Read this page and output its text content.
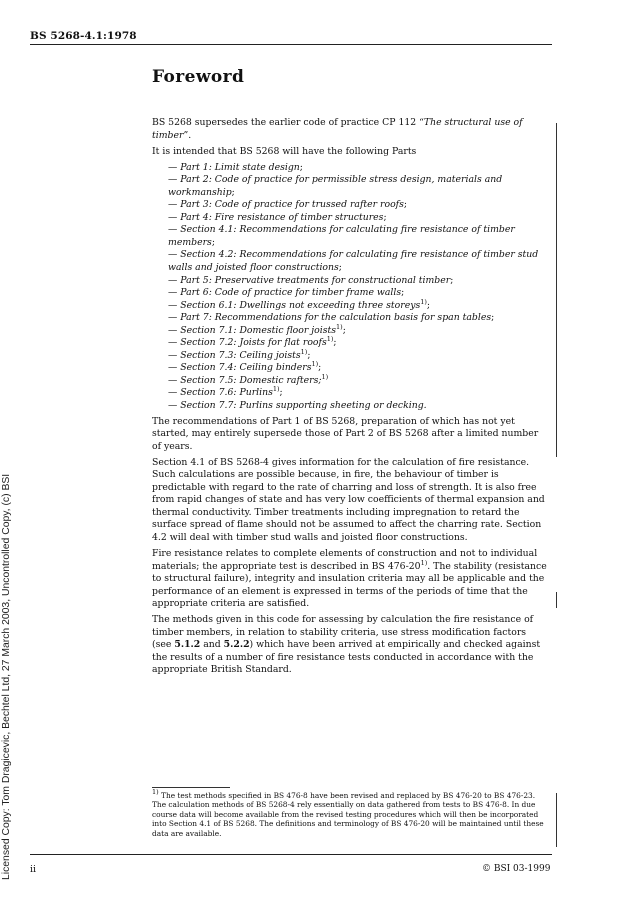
BS 5268-4.1:1978
Licensed Copy: Tom Dragicevic, Bechtel Ltd, 27 March 2003, Uncontrolled Copy, (c) BSI
Foreword

BS 5268 supersedes the earlier code of practice CP 112 “The structural use of timber”.

It is intended that BS 5268 will have the following Parts

— Part 1: Limit state design;
— Part 2: Code of practice for permissible stress design, materials and workmanship;
— Part 3: Code of practice for trussed rafter roofs;
— Part 4: Fire resistance of timber structures;
— Section 4.1: Recommendations for calculating fire resistance of timber members;
— Section 4.2: Recommendations for calculating fire resistance of timber stud walls and joisted floor constructions;
— Part 5: Preservative treatments for constructional timber;
— Part 6: Code of practice for timber frame walls;
— Section 6.1: Dwellings not exceeding three storeys$^{1)}$;
— Part 7: Recommendations for the calculation basis for span tables;
— Section 7.1: Domestic floor joists$^{1)}$;
— Section 7.2: Joists for flat roofs$^{1)}$;
— Section 7.3: Ceiling joists$^{1)}$;
— Section 7.4: Ceiling binders$^{1)}$;
— Section 7.5: Domestic rafters;$^{1)}$
— Section 7.6: Purlins$^{1)}$;
— Section 7.7: Purlins supporting sheeting or decking.

The recommendations of Part 1 of BS 5268, preparation of which has not yet started, may entirely supersede those of Part 2 of BS 5268 after a limited number of years.

Section 4.1 of BS 5268-4 gives information for the calculation of fire resistance. Such calculations are possible because, in fire, the behaviour of timber is predictable with regard to the rate of charring and loss of strength. It is also free from rapid changes of state and has very low coefficients of thermal expansion and thermal conductivity. Timber treatments including impregnation to retard the surface spread of flame should not be assumed to affect the charring rate. Section 4.2 will deal with timber stud walls and joisted floor constructions.

Fire resistance relates to complete elements of construction and not to individual materials; the appropriate test is described in BS 476-20$^{1)}$. The stability (resistance to structural failure), integrity and insulation criteria may all be applicable and the performance of an element is expressed in terms of the periods of time that the appropriate criteria are satisfied.

The methods given in this code for assessing by calculation the fire resistance of timber members, in relation to stability criteria, use stress modification factors (see 5.1.2 and 5.2.2) which have been arrived at empirically and checked against the results of a number of fire resistance tests conducted in accordance with the appropriate British Standard.

$^{1)}$ The test methods specified in BS 476-8 have been revised and replaced by BS 476-20 to BS 476-23. The calculation methods of BS 5268-4 rely essentially on data gathered from tests to BS 476-8. In due course data will become available from the revised testing procedures which will then be incorporated into Section 4.1 of BS 5268. The definitions and terminology of BS 476-20 will be maintained until these data are available.
ii	© BSI 03-1999
